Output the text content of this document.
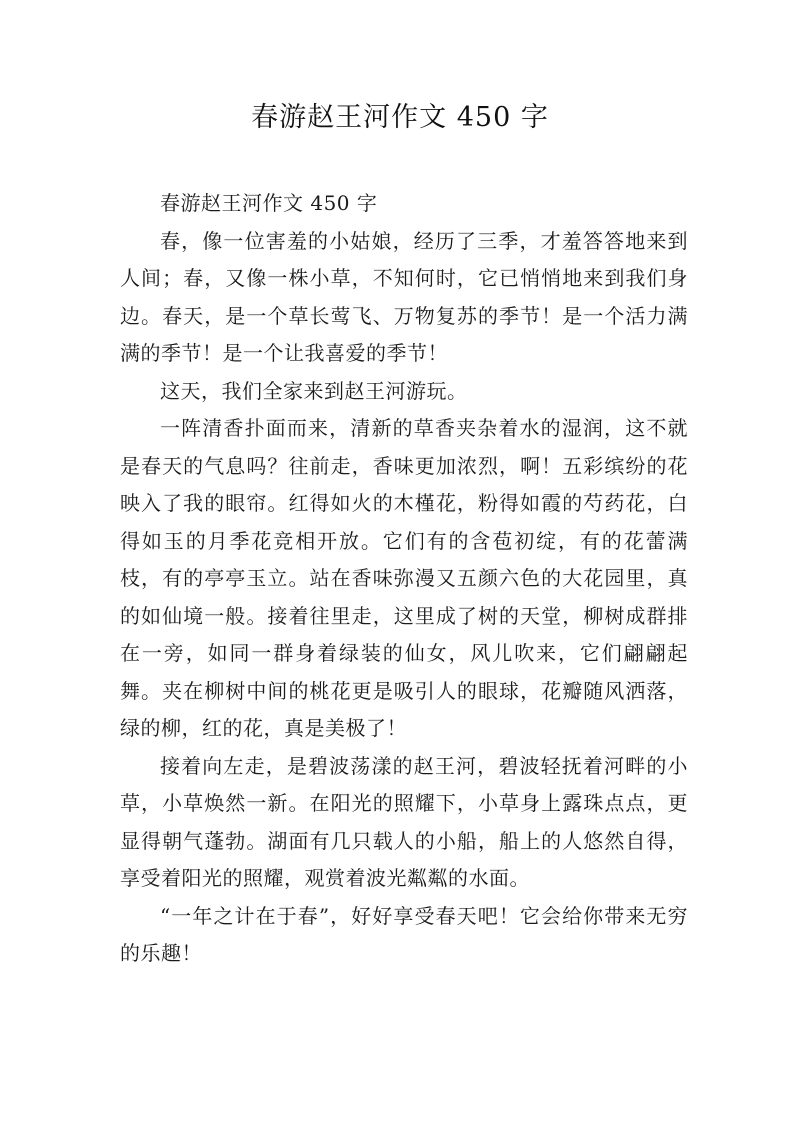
春游赵王河作文 450 字

春游赵王河作文 450 字

春，像一位害羞的小姑娘，经历了三季，才羞答答地来到人间；春，又像一株小草，不知何时，它已悄悄地来到我们身边。春天，是一个草长莺飞、万物复苏的季节！是一个活力满满的季节！是一个让我喜爱的季节！

这天，我们全家来到赵王河游玩。

一阵清香扑面而来，清新的草香夹杂着水的湿润，这不就是春天的气息吗？往前走，香味更加浓烈，啊！五彩缤纷的花映入了我的眼帘。红得如火的木槿花，粉得如霞的芍药花，白得如玉的月季花竞相开放。它们有的含苞初绽，有的花蕾满枝，有的亭亭玉立。站在香味弥漫又五颜六色的大花园里，真的如仙境一般。接着往里走，这里成了树的天堂，柳树成群排在一旁，如同一群身着绿装的仙女，风儿吹来，它们翩翩起舞。夹在柳树中间的桃花更是吸引人的眼球，花瓣随风洒落，绿的柳，红的花，真是美极了！

接着向左走，是碧波荡漾的赵王河，碧波轻抚着河畔的小草，小草焕然一新。在阳光的照耀下，小草身上露珠点点，更显得朝气蓬勃。湖面有几只载人的小船，船上的人悠然自得，享受着阳光的照耀，观赏着波光粼粼的水面。

“一年之计在于春”，好好享受春天吧！它会给你带来无穷的乐趣！
